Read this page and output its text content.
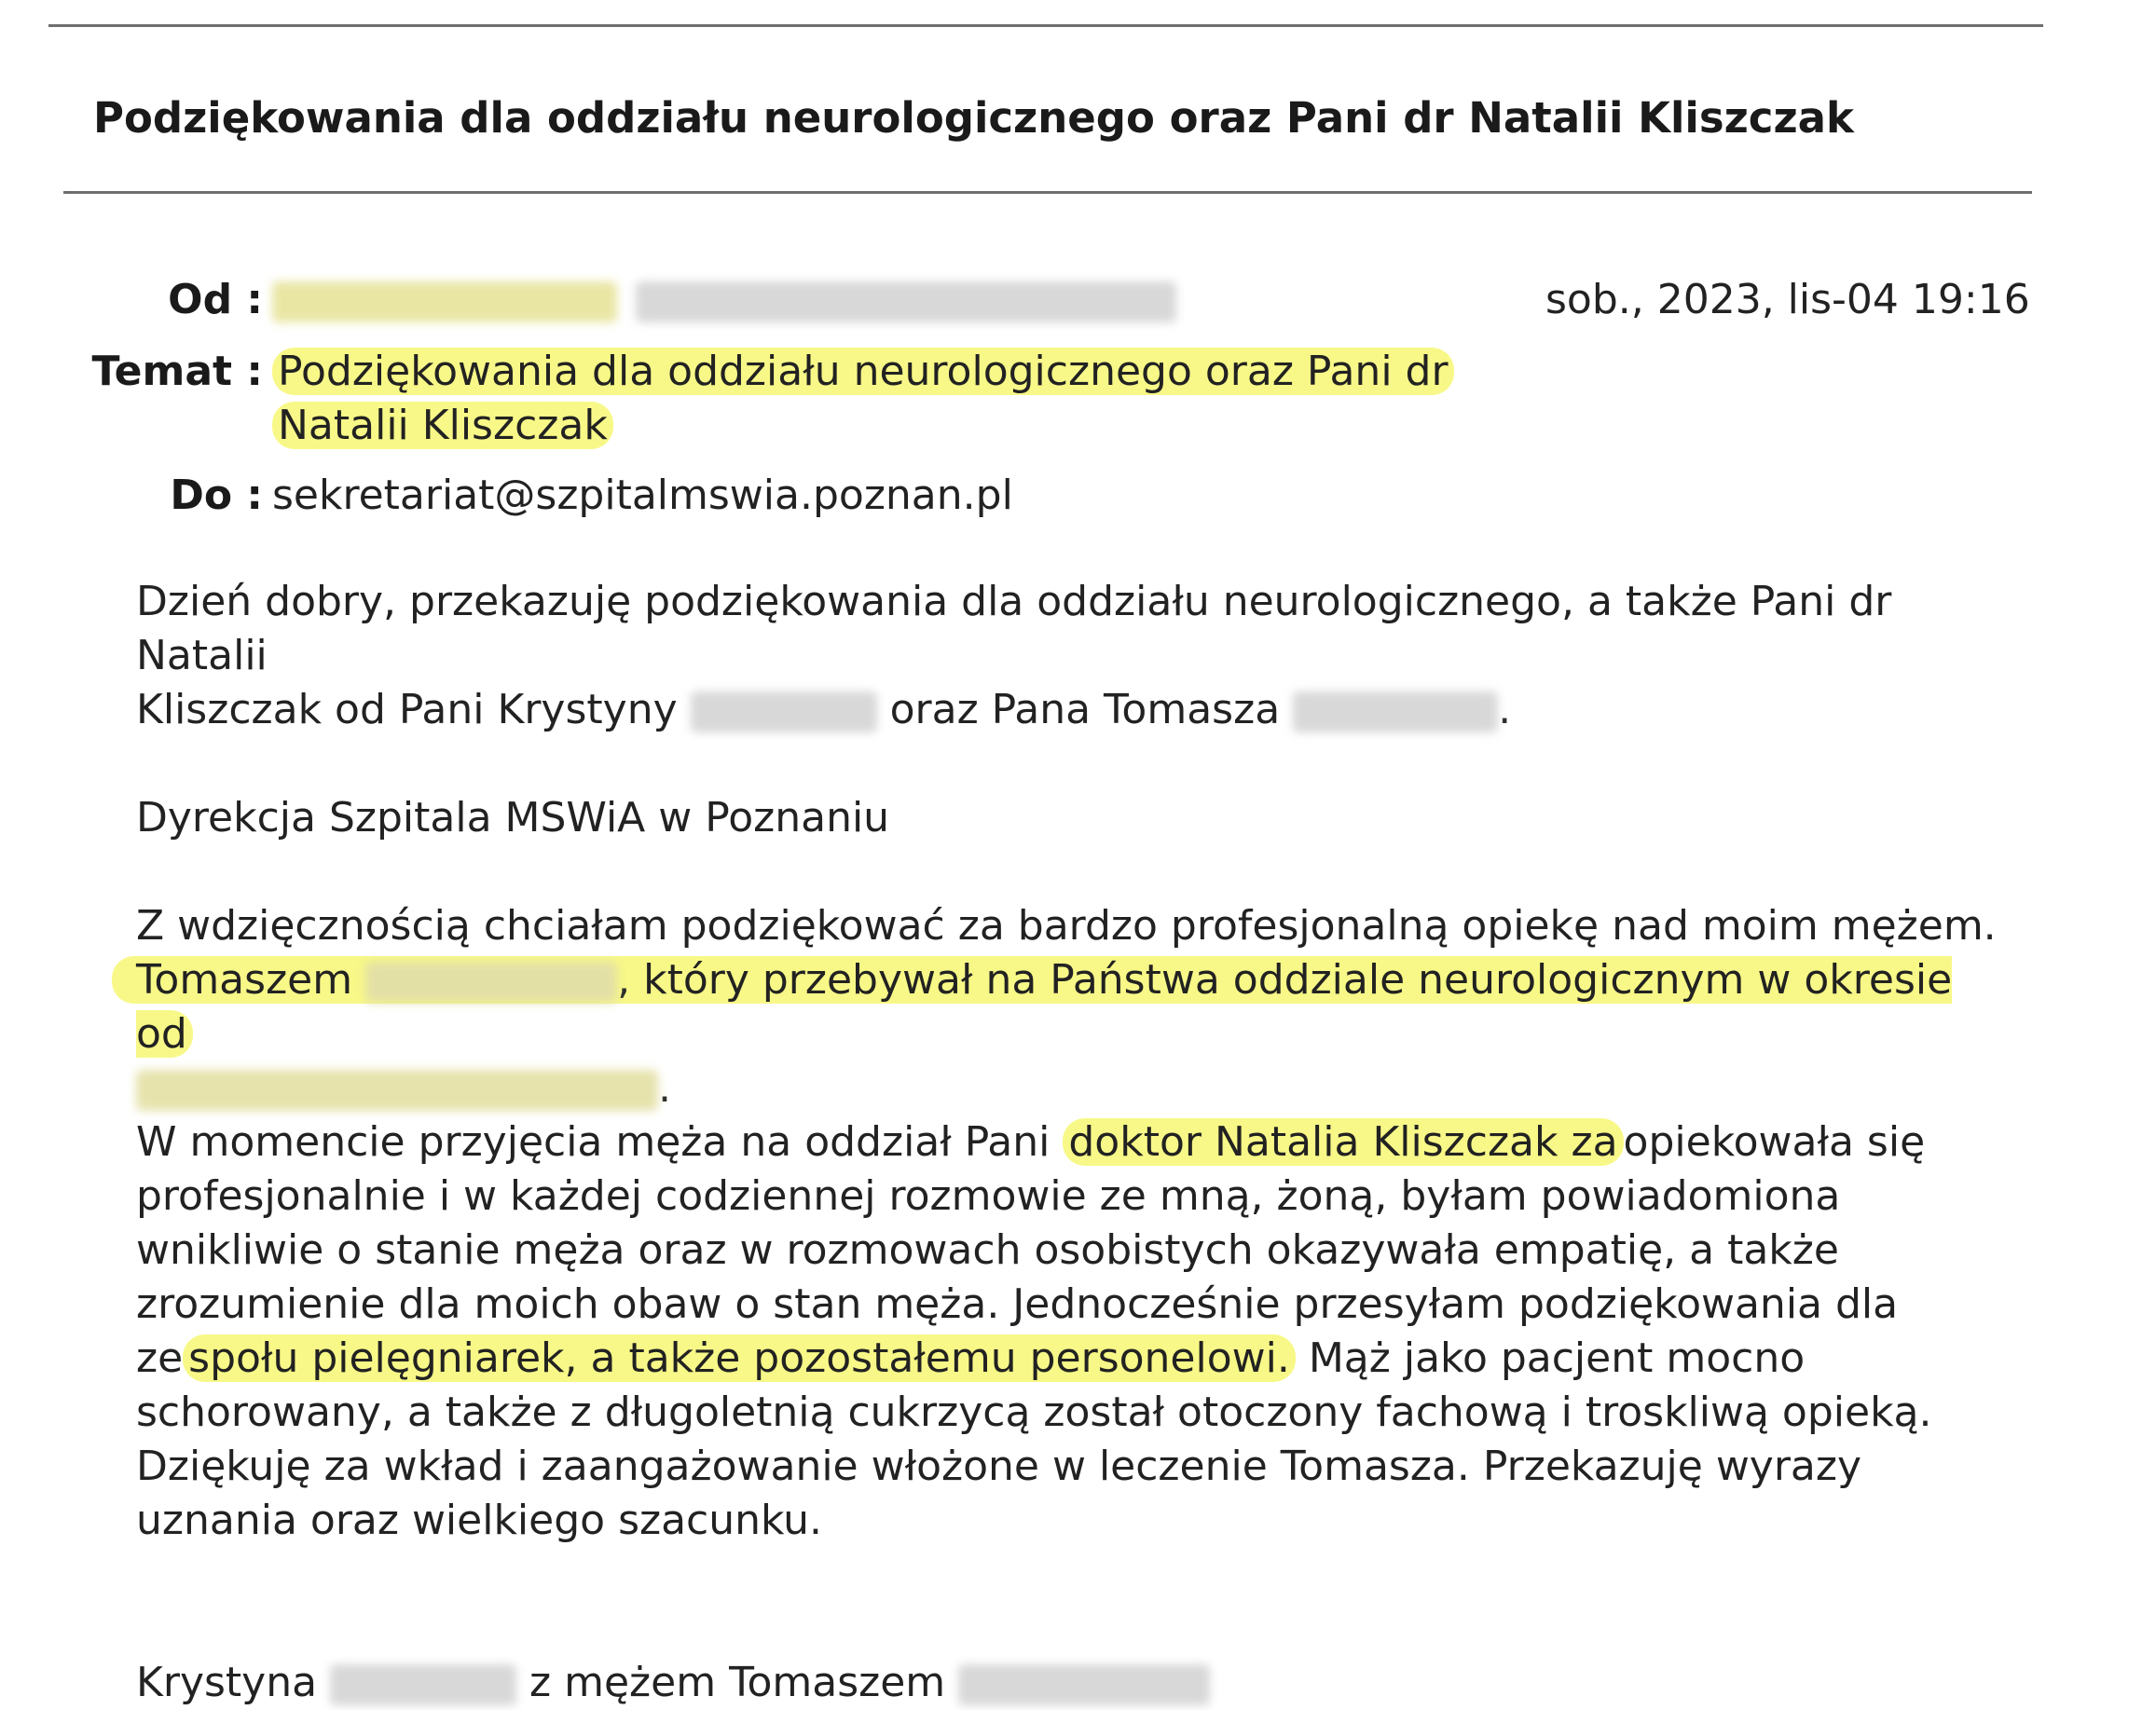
Podziękowania dla oddziału neurologicznego oraz Pani dr Natalii Kliszczak
Od :
	sob., 2023, lis-04 19:16
Temat : Podziękowania dla oddziału neurologicznego oraz Pani dr
Natalii Kliszczak
Do : sekretariat@szpitalmswia.poznan.pl

Dzień dobry, przekazuję podziękowania dla oddziału neurologicznego, a także Pani dr Natalii
Kliszczak od Pani Krystyny	oraz Pana Tomasza	.

Dyrekcja Szpitala MSWiA w Poznaniu

Z wdzięcznością chciałam podziękować za bardzo profesjonalną opiekę nad moim mężem.
Tomaszem	, który przebywał na Państwa oddziale neurologicznym w okresie od
.

W momencie przyjęcia męża na oddział Pani doktor Natalia Kliszczak za opiekowała się profesjonalnie i w każdej codziennej rozmowie ze mną, żoną, byłam powiadomiona wnikliwie o stanie męża oraz w rozmowach osobistych okazywała empatię, a także zrozumienie dla moich obaw o stan męża. Jednocześnie przesyłam podziękowania dla ze społu pielęgniarek, a także pozostałemu personelowi. Mąż jako pacjent mocno schorowany, a także z długoletnią cukrzycą został otoczony fachową i troskliwą opieką. Dziękuję za wkład i zaangażowanie włożone w leczenie Tomasza. Przekazuję wyrazy uznania oraz wielkiego szacunku.

Krystyna	z mężem Tomaszem
